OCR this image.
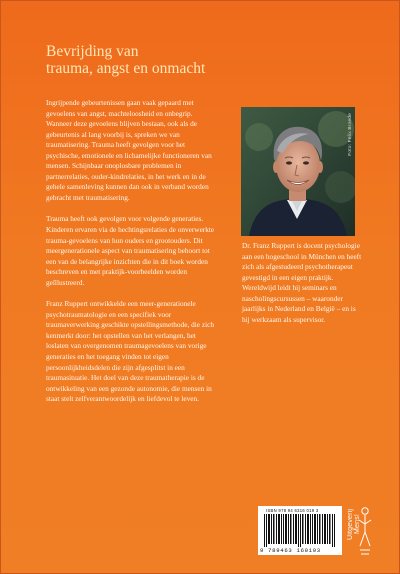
Bevrijding van
trauma, angst en onmacht

Ingrijpende gebeurtenissen gaan vaak gepaard met gevoelens van angst, machteloosheid en onbegrip. Wanneer deze gevoelens blijven bestaan, ook als de gebeurtenis al lang voorbij is, spreken we van traumatisering. Trauma heeft gevolgen voor het psychische, emotionele en lichamelijke functioneren van mensen. Schijnbaar onoplosbare problemen in partnerrelaties, ouder-kindrelaties, in het werk en in de gehele samenleving kunnen dan ook in verband worden gebracht met traumatisering.

Trauma heeft ook gevolgen voor volgende generaties. Kinderen ervaren via de hechtingsrelaties de onverwerkte trauma-gevoelens van hun ouders en grootouders. Dit meergenerationele aspect van traumatisering behoort tot een van de belangrijke inzichten die in dit boek worden beschreven en met praktijk-voorbeelden worden geïllustreerd.

Franz Ruppert ontwikkelde een meer-generationele psychotraumatologie en een specifiek voor traumaverwerking geschikte opstellingsmethode, die zich kenmerkt door: het opstellen van het verlangen, het loslaten van overgenomen traumagevoelens van vorige generaties en het toegang vinden tot eigen persoonlijkheidsdelen die zijn afgesplitst in een traumasituatie. Het doel van deze traumatherapie is de ontwikkeling van een gezonde autonomie, die mensen in staat stelt zelfverantwoordelijk en liefdevol te leven.

Foto: Felix Broede
Dr. Franz Ruppert is docent psychologie aan een hogeschool in München en heeft zich als afgestudeerd psychotherapeut gevestigd in een eigen praktijk. Wereldwijd leidt hij seminars en nascholingscursussen – waaronder jaarlijks in Nederland en België – en is hij werkzaam als supervisor.
ISBN 978 94 6316 019 3
9 789463 160193
Uitgeverij Mens!
